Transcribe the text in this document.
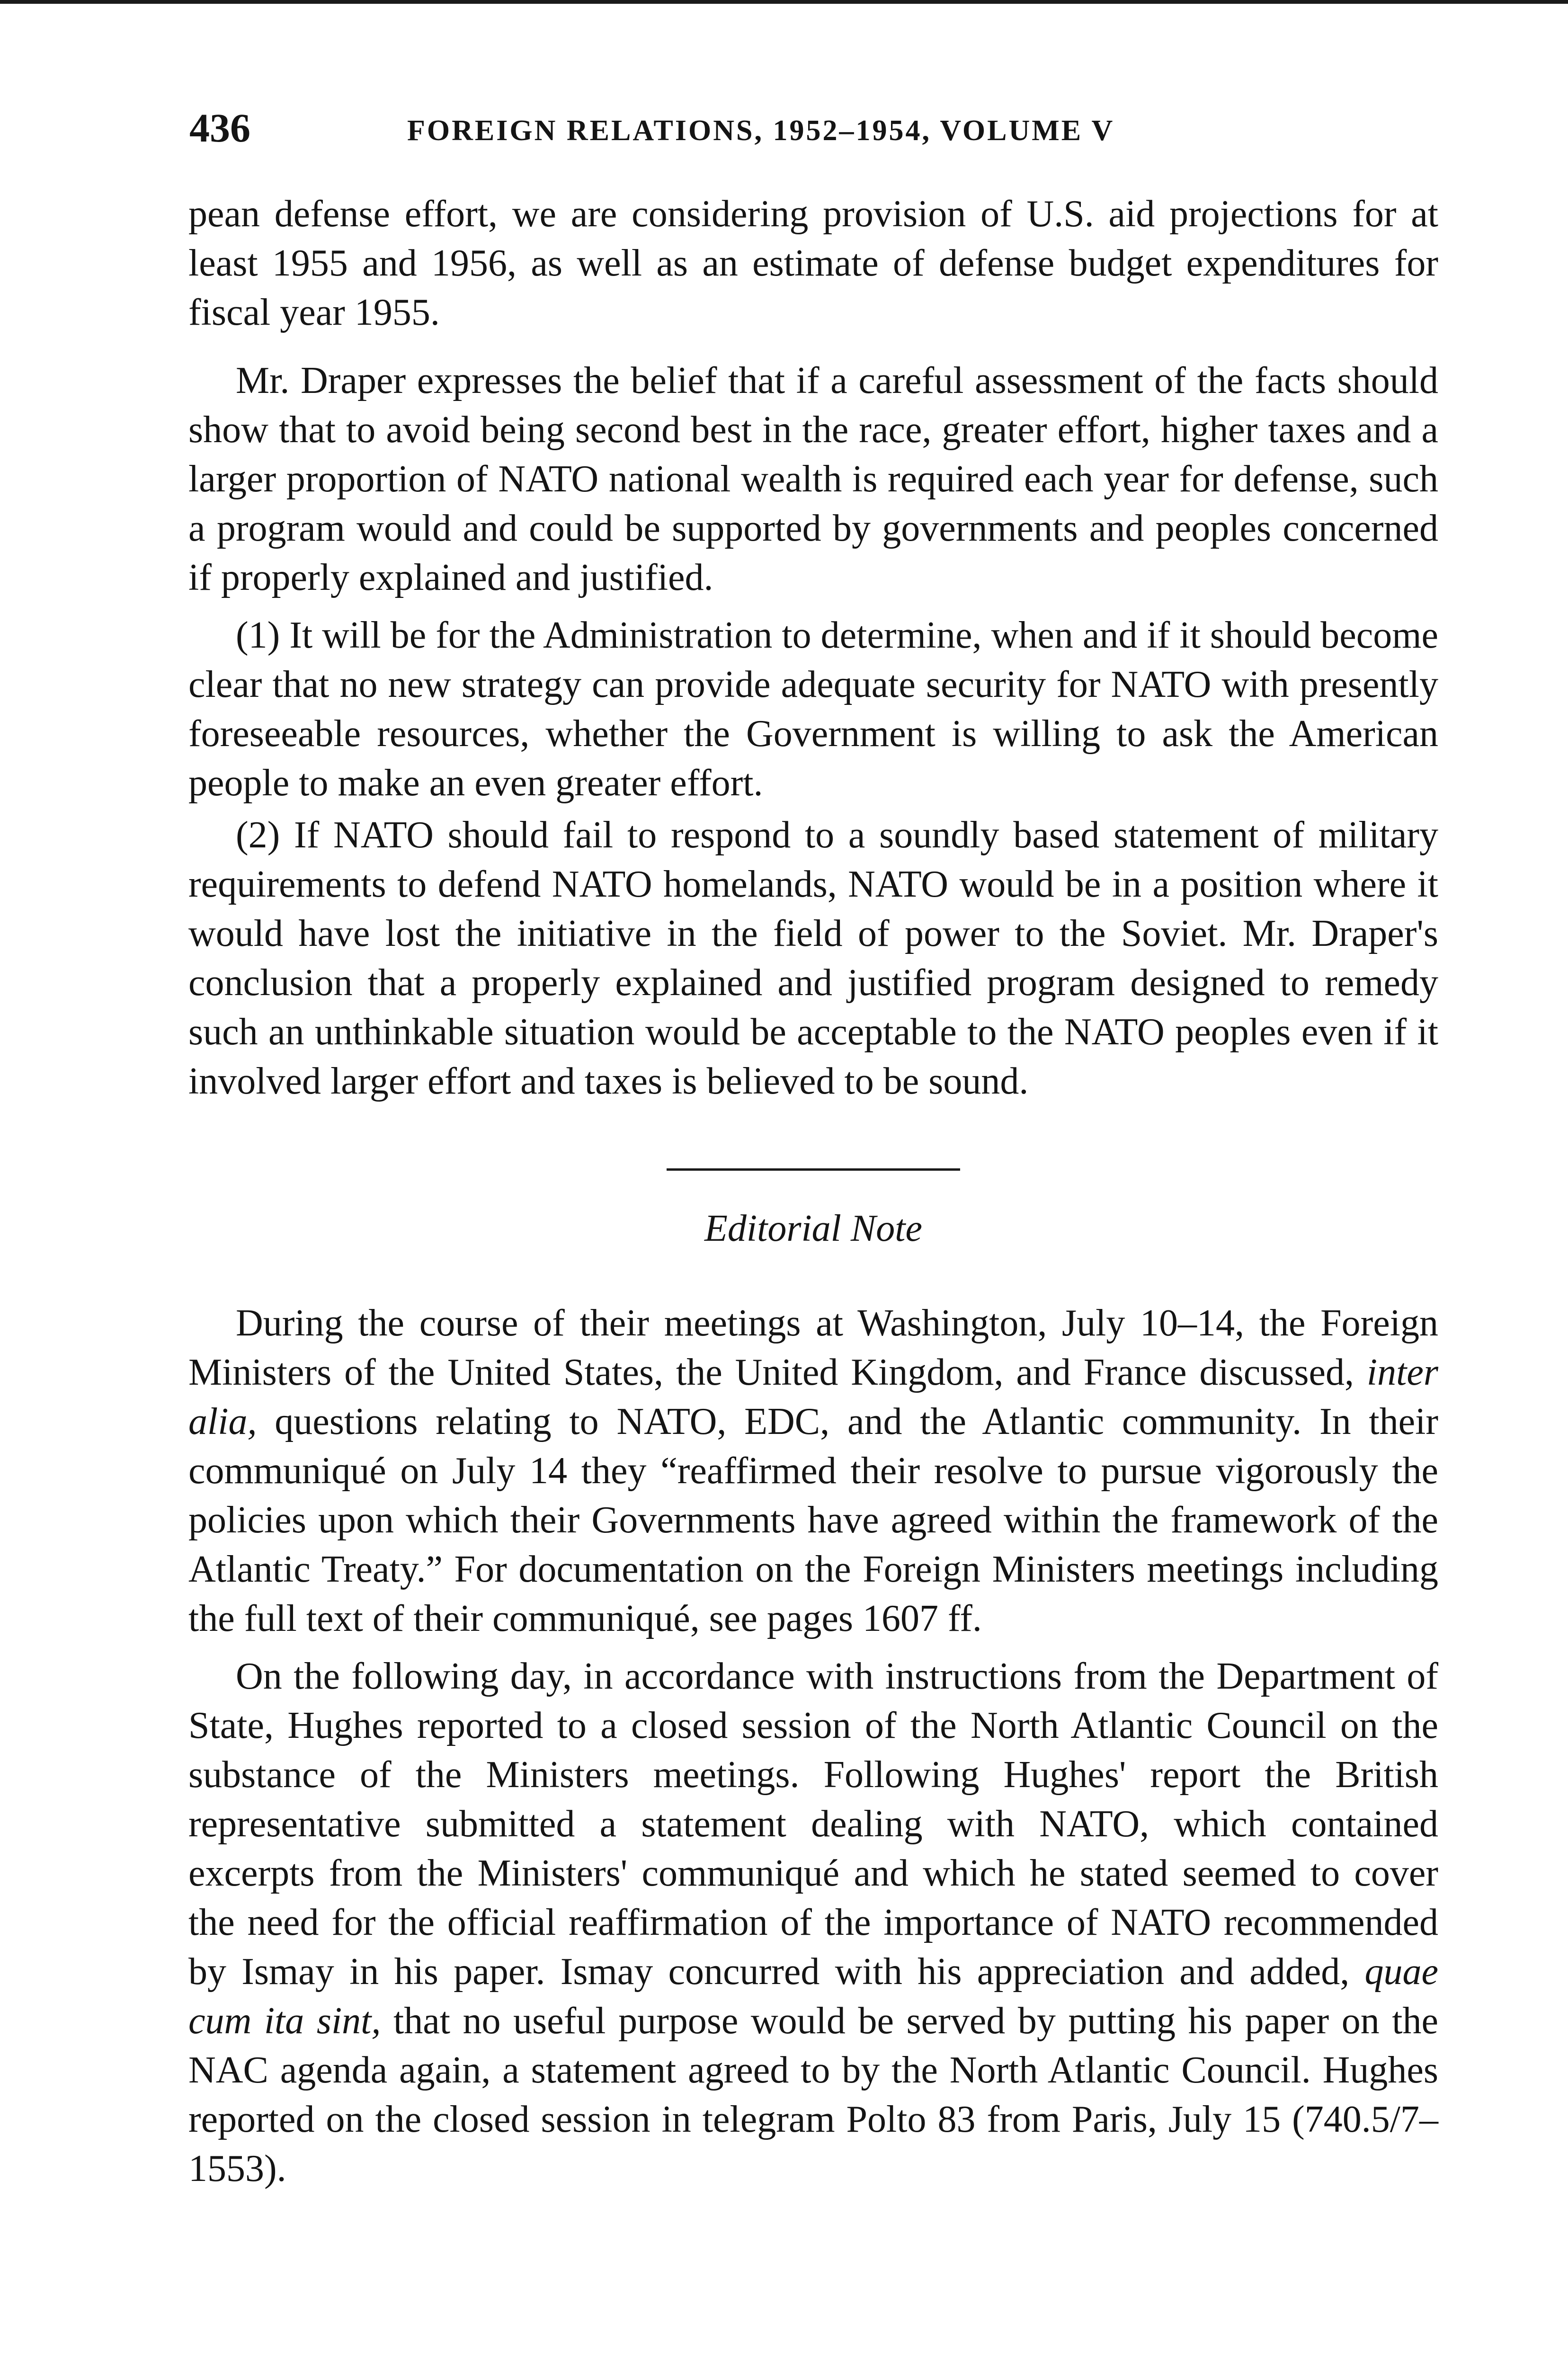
436	FOREIGN RELATIONS, 1952–1954, VOLUME V

pean defense effort, we are considering provision of U.S. aid projections for at least 1955 and 1956, as well as an estimate of defense budget expenditures for fiscal year 1955.

Mr. Draper expresses the belief that if a careful assessment of the facts should show that to avoid being second best in the race, greater effort, higher taxes and a larger proportion of NATO national wealth is required each year for defense, such a program would and could be supported by governments and peoples concerned if properly explained and justified.

(1) It will be for the Administration to determine, when and if it should become clear that no new strategy can provide adequate security for NATO with presently foreseeable resources, whether the Government is willing to ask the American people to make an even greater effort.

(2) If NATO should fail to respond to a soundly based statement of military requirements to defend NATO homelands, NATO would be in a position where it would have lost the initiative in the field of power to the Soviet. Mr. Draper's conclusion that a properly explained and justified program designed to remedy such an unthinkable situation would be acceptable to the NATO peoples even if it involved larger effort and taxes is believed to be sound.

Editorial Note

During the course of their meetings at Washington, July 10–14, the Foreign Ministers of the United States, the United Kingdom, and France discussed, inter alia, questions relating to NATO, EDC, and the Atlantic community. In their communiqué on July 14 they “reaffirmed their resolve to pursue vigorously the policies upon which their Governments have agreed within the framework of the Atlantic Treaty.” For documentation on the Foreign Ministers meetings including the full text of their communiqué, see pages 1607 ff.

On the following day, in accordance with instructions from the Department of State, Hughes reported to a closed session of the North Atlantic Council on the substance of the Ministers meetings. Following Hughes' report the British representative submitted a statement dealing with NATO, which contained excerpts from the Ministers' communiqué and which he stated seemed to cover the need for the official reaffirmation of the importance of NATO recommended by Ismay in his paper. Ismay concurred with his appreciation and added, quae cum ita sint, that no useful purpose would be served by putting his paper on the NAC agenda again, a statement agreed to by the North Atlantic Council. Hughes reported on the closed session in telegram Polto 83 from Paris, July 15 (740.5/7–1553).
